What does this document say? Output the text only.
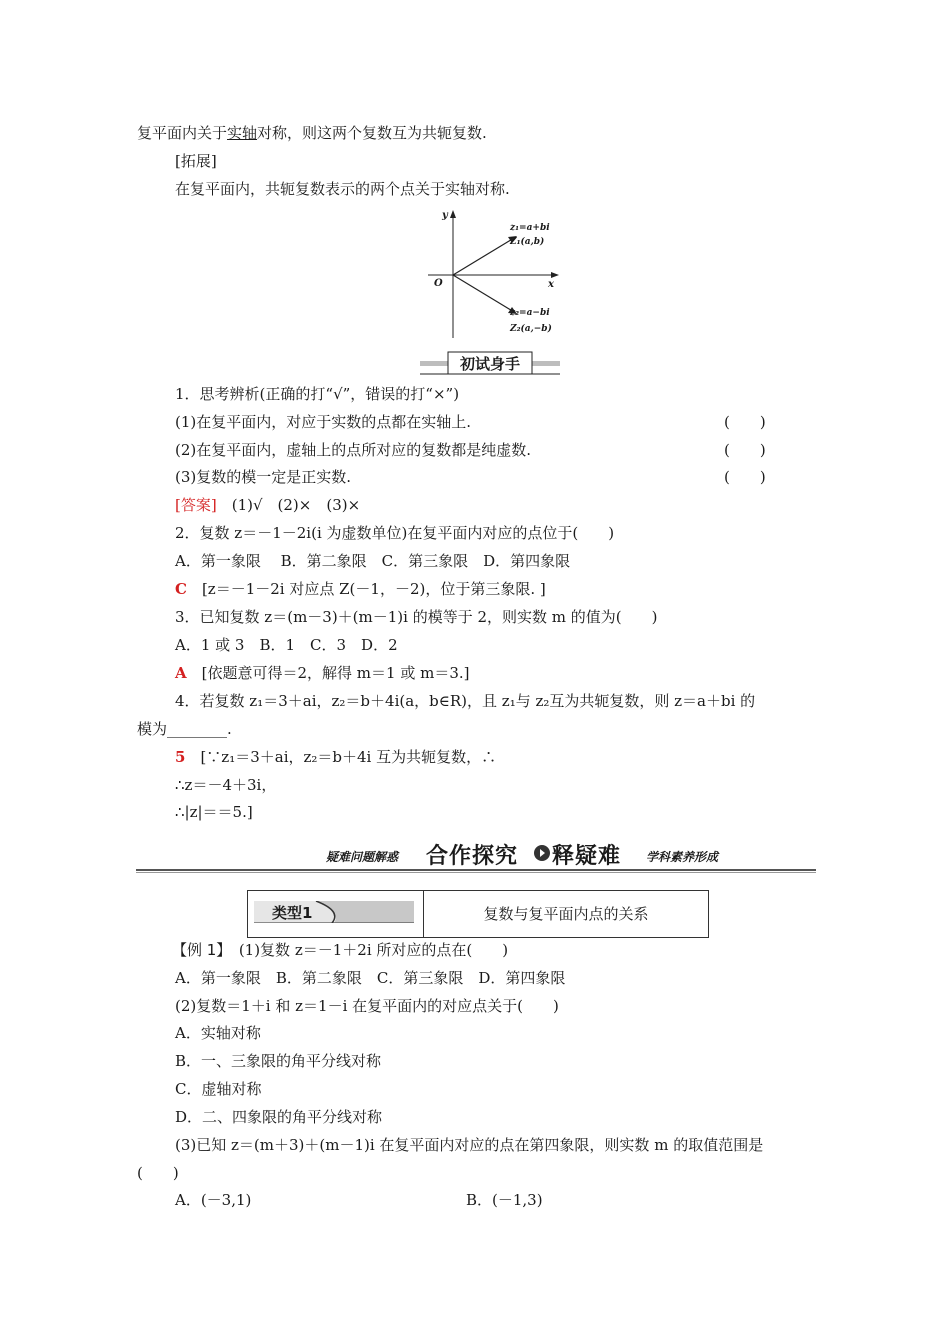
复平面内关于实轴对称，则这两个复数互为共轭复数.
[拓展]
在复平面内，共轭复数表示的两个点关于实轴对称.
y
x
O
z₁=a+bi
Z₁(a,b)
z₂=a−bi
Z₂(a,−b)
初试身手
1．思考辨析(正确的打“√”，错误的打“×”)
(1)在复平面内，对应于实数的点都在实轴上.	(　　)
(2)在复平面内，虚轴上的点所对应的复数都是纯虚数.	(　　)
(3)复数的模一定是正实数.	(　　)
[答案]　(1)√　(2)×　(3)×
2．复数 z＝－1－2i(i 为虚数单位)在复平面内对应的点位于(　　)
A．第一象限　 B．第二象限　C．第三象限　D．第四象限
C　[z＝－1－2i 对应点 Z(－1，－2)，位于第三象限. ]
3．已知复数 z＝(m－3)＋(m－1)i 的模等于 2，则实数 m 的值为(　　)
A．1 或 3　B．1　C．3　D．2
A　[依题意可得＝2，解得 m＝1 或 m＝3.]
4．若复数 z₁＝3＋ai，z₂＝b＋4i(a，b∈R)，且 z₁与 z₂互为共轭复数，则 z＝a＋bi 的
模为________.
5　[∵z₁＝3＋ai，z₂＝b＋4i 互为共轭复数，∴
∴z＝－4＋3i，
∴|z|＝＝5.]
疑难问题解惑 合作探究 释疑难 学科素养形成
类型1	复数与复平面内点的关系
【例 1】　(1)复数 z＝－1＋2i 所对应的点在(　　)
A．第一象限　B．第二象限　C．第三象限　D．第四象限
(2)复数＝1＋i 和 z＝1－i 在复平面内的对应点关于(　　)
A．实轴对称
B．一、三象限的角平分线对称
C．虚轴对称
D．二、四象限的角平分线对称
(3)已知 z＝(m＋3)＋(m－1)i 在复平面内对应的点在第四象限，则实数 m 的取值范围是
(　　)
A．(－3,1)	B．(－1,3)
